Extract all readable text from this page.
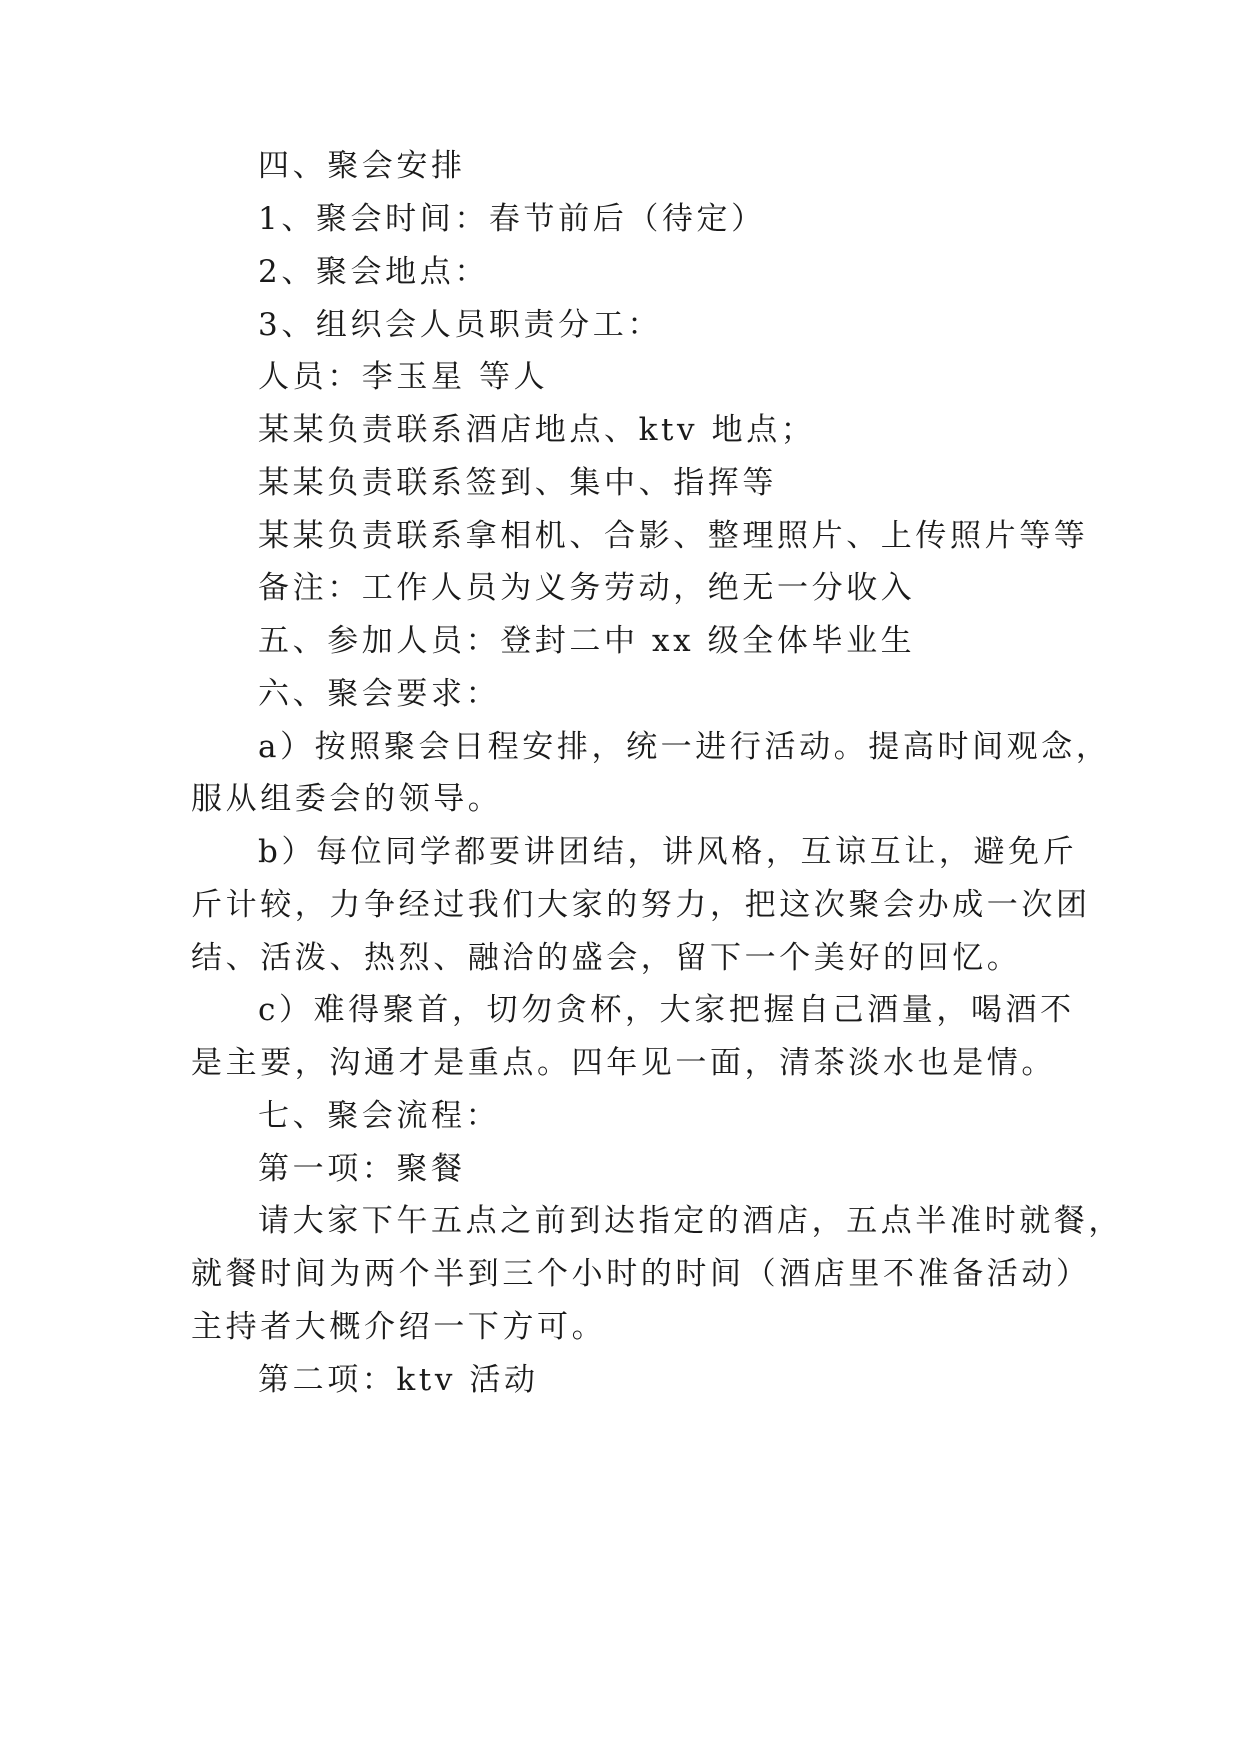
四、聚会安排
1、聚会时间：春节前后（待定）
2、聚会地点：
3、组织会人员职责分工：
人员：李玉星 等人
某某负责联系酒店地点、ktv 地点；
某某负责联系签到、集中、指挥等
某某负责联系拿相机、合影、整理照片、上传照片等等
备注：工作人员为义务劳动，绝无一分收入
五、参加人员：登封二中 xx 级全体毕业生
六、聚会要求：
a）按照聚会日程安排，统一进行活动。提高时间观念，
服从组委会的领导。
b）每位同学都要讲团结，讲风格，互谅互让，避免斤
斤计较，力争经过我们大家的努力，把这次聚会办成一次团
结、活泼、热烈、融洽的盛会，留下一个美好的回忆。
c）难得聚首，切勿贪杯，大家把握自己酒量，喝酒不
是主要，沟通才是重点。四年见一面，清茶淡水也是情。
七、聚会流程：
第一项：聚餐
请大家下午五点之前到达指定的酒店，五点半准时就餐，
就餐时间为两个半到三个小时的时间（酒店里不准备活动）
主持者大概介绍一下方可。
第二项：ktv 活动
